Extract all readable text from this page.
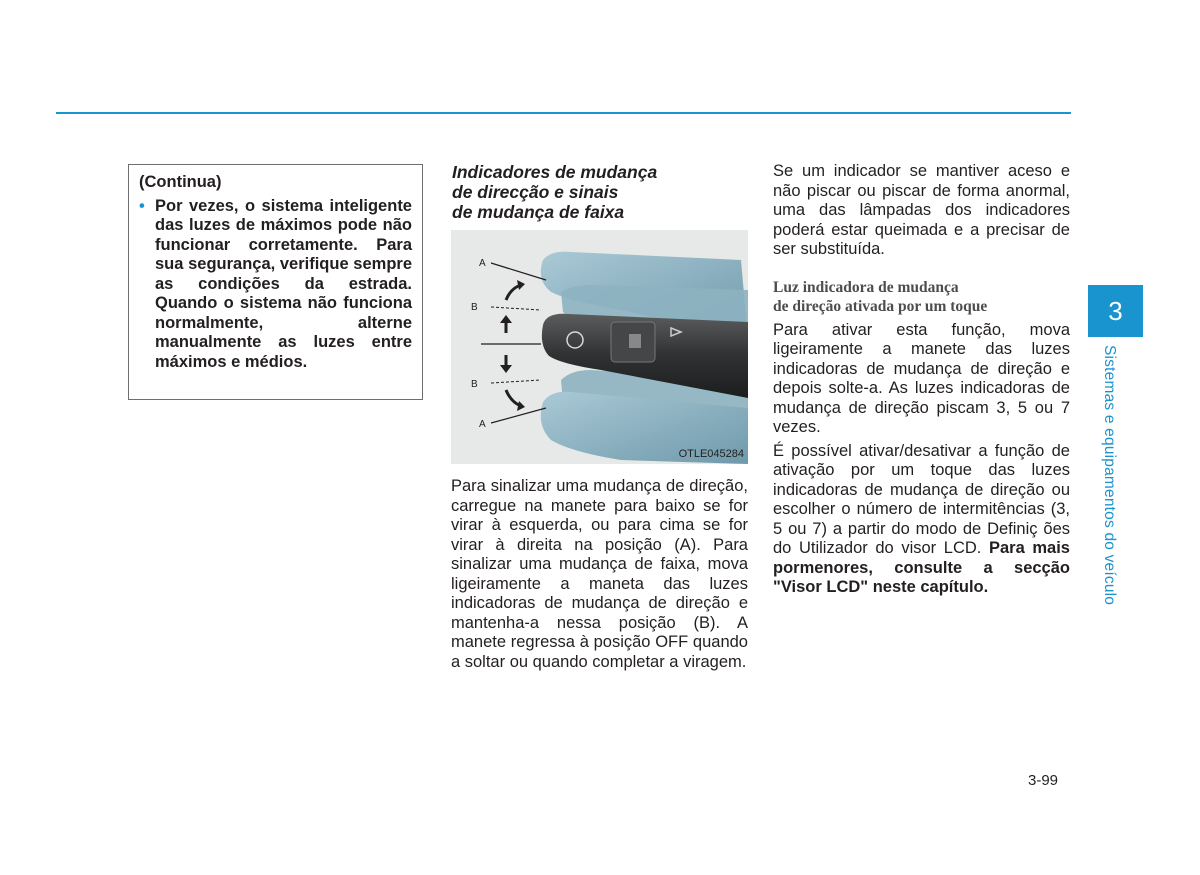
(Continua)
• Por vezes, o sistema inteligente das luzes de máximos pode não funcionar corretamente. Para sua segurança, verifique sempre as condições da estrada. Quando o sistema não funciona normalmente, alterne manualmente as luzes entre máximos e médios.
Indicadores de mudança
de direcção e sinais
de mudança de faixa
A
B
B
A
OTLE045284
Para sinalizar uma mudança de direção, carregue na manete para baixo se for virar à esquerda, ou para cima se for virar à direita na posição (A). Para sinalizar uma mudança de faixa, mova ligeiramente a maneta das luzes indicadoras de mudança de direção e mantenha-a nessa posição (B). A manete regressa à posição OFF quando a soltar ou quando completar a viragem.

Se um indicador se mantiver aceso e não piscar ou piscar de forma anormal, uma das lâmpadas dos indicadores poderá estar queimada e a precisar de ser substituída.

Luz indicadora de mudança
de direção ativada por um toque

Para ativar esta função, mova ligeiramente a manete das luzes indicadoras de mudança de direção e depois solte-a. As luzes indicadoras de mudança de direção piscam 3, 5 ou 7 vezes.

É possível ativar/desativar a função de ativação por um toque das luzes indicadoras de mudança de direção ou escolher o número de intermitências (3, 5 ou 7) a partir do modo de Definiç ões do Utilizador do visor LCD. Para mais pormenores, consulte a secção "Visor LCD" neste capítulo.

3
Sistemas e equipamentos do veículo
3-99
